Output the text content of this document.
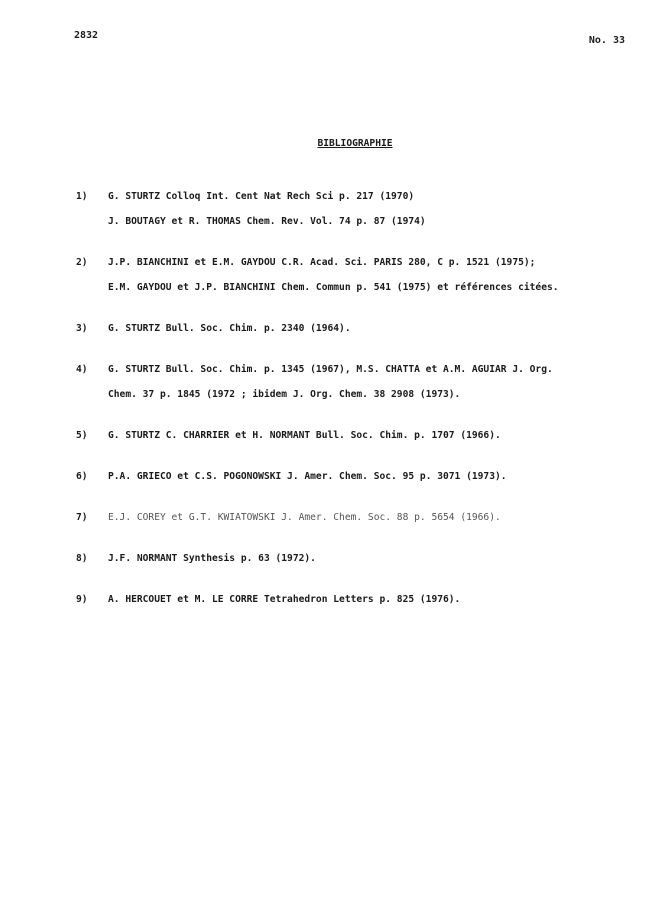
2832	No. 33
BIBLIOGRAPHIE
1)	G. STURTZ Colloq Int. Cent Nat Rech Sci p. 217 (1970)
J. BOUTAGY et R. THOMAS Chem. Rev. Vol. 74 p. 87 (1974)
2)	J.P. BIANCHINI et E.M. GAYDOU C.R. Acad. Sci. PARIS 280, C p. 1521 (1975);
E.M. GAYDOU et J.P. BIANCHINI Chem. Commun p. 541 (1975) et références citées.
3)	G. STURTZ Bull. Soc. Chim. p. 2340 (1964).
4)	G. STURTZ Bull. Soc. Chim. p. 1345 (1967), M.S. CHATTA et A.M. AGUIAR J. Org.
Chem. 37 p. 1845 (1972 ; ibidem J. Org. Chem. 38 2908 (1973).
5)	G. STURTZ C. CHARRIER et H. NORMANT Bull. Soc. Chim. p. 1707 (1966).
6)	P.A. GRIECO et C.S. POGONOWSKI J. Amer. Chem. Soc. 95 p. 3071 (1973).
7)	E.J. COREY et G.T. KWIATOWSKI J. Amer. Chem. Soc. 88 p. 5654 (1966).
8)	J.F. NORMANT Synthesis p. 63 (1972).
9)	A. HERCOUET et M. LE CORRE Tetrahedron Letters p. 825 (1976).
